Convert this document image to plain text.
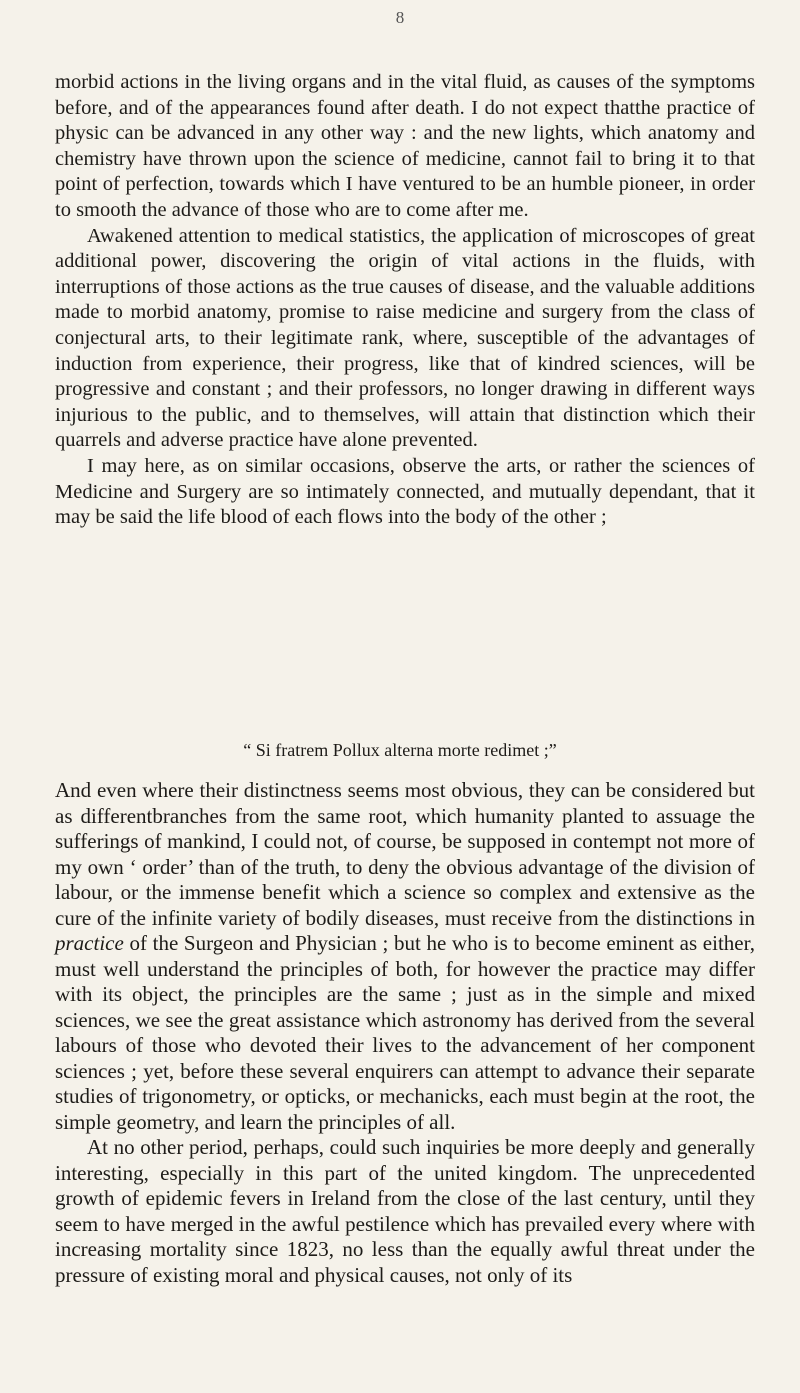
8

morbid actions in the living organs and in the vital fluid, as causes of the symptoms before, and of the appearances found after death. I do not expect thatthe practice of physic can be advanced in any other way : and the new lights, which anatomy and chemistry have thrown upon the science of medicine, cannot fail to bring it to that point of perfection, towards which I have ventured to be an humble pioneer, in order to smooth the advance of those who are to come after me.

Awakened attention to medical statistics, the application of microscopes of great additional power, discovering the origin of vital actions in the fluids, with interruptions of those actions as the true causes of disease, and the valuable additions made to morbid anatomy, promise to raise medicine and surgery from the class of conjectural arts, to their legitimate rank, where, susceptible of the advantages of induction from experience, their progress, like that of kindred sciences, will be progressive and constant ; and their professors, no longer drawing in different ways injurious to the public, and to themselves, will attain that distinction which their quarrels and adverse practice have alone prevented.

I may here, as on similar occasions, observe the arts, or rather the sciences of Medicine and Surgery are so intimately connected, and mutually dependant, that it may be said the life blood of each flows into the body of the other ;

“ Si fratrem Pollux alterna morte redimet ;”

And even where their distinctness seems most obvious, they can be considered but as differentbranches from the same root, which humanity planted to assuage the sufferings of mankind, I could not, of course, be supposed in contempt not more of my own ‘ order’ than of the truth, to deny the obvious advantage of the division of labour, or the immense benefit which a science so complex and extensive as the cure of the infinite variety of bodily diseases, must receive from the distinctions in practice of the Surgeon and Physician ; but he who is to become eminent as either, must well understand the principles of both, for however the practice may differ with its object, the principles are the same ; just as in the simple and mixed sciences, we see the great assistance which astronomy has derived from the several labours of those who devoted their lives to the advancement of her component sciences ; yet, before these several enquirers can attempt to advance their separate studies of trigonometry, or opticks, or mechanicks, each must begin at the root, the simple geometry, and learn the principles of all.

At no other period, perhaps, could such inquiries be more deeply and generally interesting, especially in this part of the united kingdom. The unprecedented growth of epidemic fevers in Ireland from the close of the last century, until they seem to have merged in the awful pestilence which has prevailed every where with increasing mortality since 1823, no less than the equally awful threat under the pressure of existing moral and physical causes, not only of its
